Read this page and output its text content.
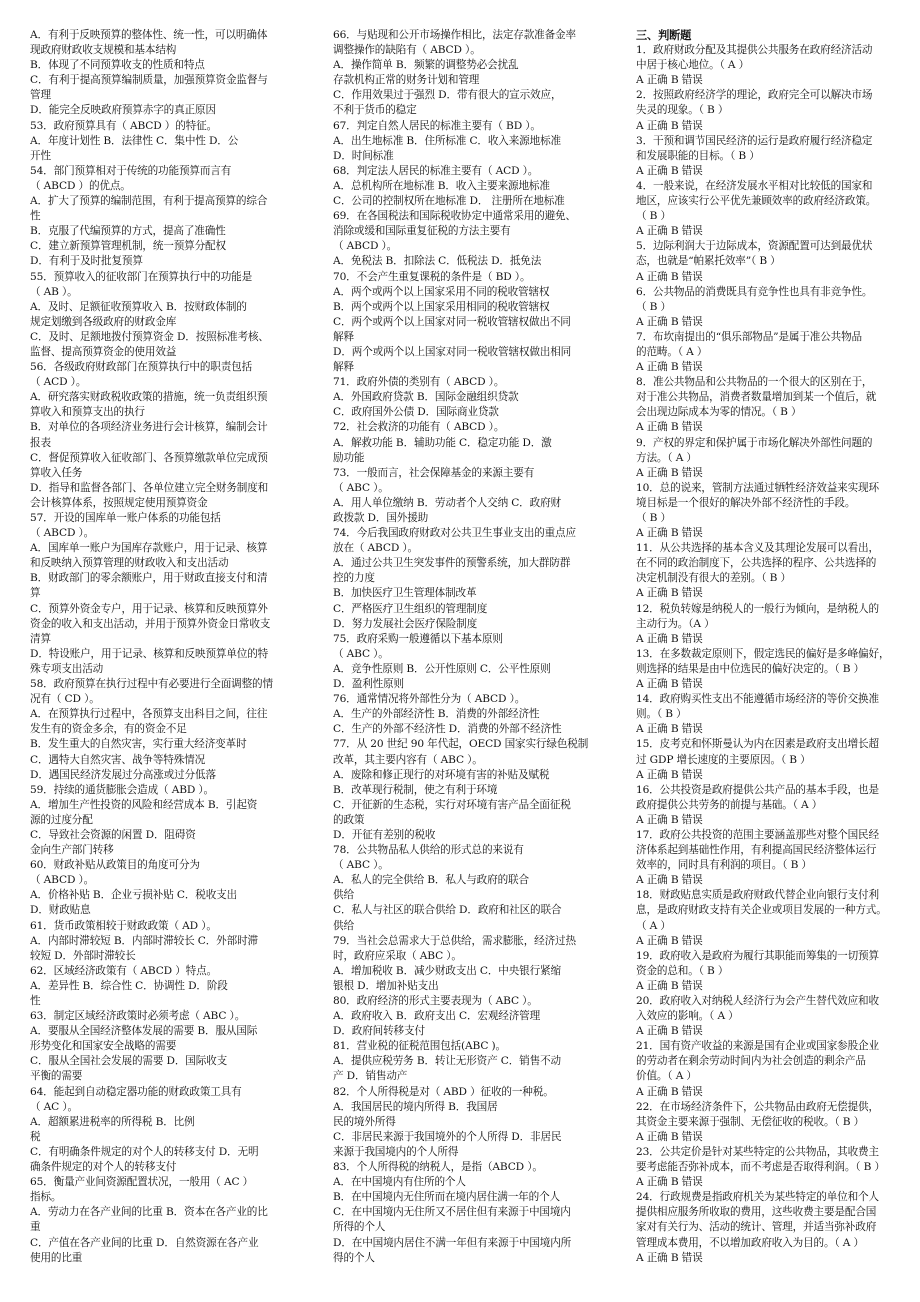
A．有利于反映预算的整体性、统一性，可以明确体
现政府财政收支规模和基本结构
B．体现了不同预算收支的性质和特点
C．有利于提高预算编制质量，加强预算资金监督与
管理
D．能完全反映政府预算赤字的真正原因
53．政府预算具有（ ABCD ）的特征。
A．年度计划性 B．法律性 C．集中性 D．公
开性
54．部门预算相对于传统的功能预算而言有
（ ABCD ）的优点。
A．扩大了预算的编制范围，有利于提高预算的综合
性
B．克服了代编预算的方式，提高了准确性
C．建立新预算管理机制，统一预算分配权
D．有利于及时批复预算
55．预算收入的征收部门在预算执行中的功能是
（ AB ）。
A．及时、足额征收预算收入 B．按财政体制的
规定划缴到各级政府的财政金库
C．及时、足额地拨付预算资金 D．按照标准考核、
监督、提高预算资金的使用效益
56．各级政府财政部门在预算执行中的职责包括
（ ACD ）。
A．研究落实财政税收政策的措施，统一负责组织预
算收入和预算支出的执行
B．对单位的各项经济业务进行会计核算，编制会计
报表
C．督促预算收入征收部门、各预算缴款单位完成预
算收入任务
D．指导和监督各部门、各单位建立完全财务制度和
会计核算体系，按照规定使用预算资金
57．开设的国库单一账户体系的功能包括
（ ABCD ）。
A．国库单一账户为国库存款账户，用于记录、核算
和反映纳入预算管理的财政收入和支出活动
B．财政部门的零余额账户，用于财政直接支付和清
算
C．预算外资金专户，用于记录、核算和反映预算外
资金的收入和支出活动，并用于预算外资金日常收支
清算
D．特设账户，用于记录、核算和反映预算单位的特
殊专项支出活动
58．政府预算在执行过程中有必要进行全面调整的情
况有（ CD ）。
A．在预算执行过程中，各预算支出科目之间，往往
发生有的资金多余，有的资金不足
B．发生重大的自然灾害，实行重大经济变革时
C．遇特大自然灾害、战争等特殊情况
D．遇国民经济发展过分高涨或过分低落
59．持续的通货膨胀会造成（ ABD ）。
A．增加生产性投资的风险和经营成本 B．引起资
源的过度分配
C．导致社会资源的闲置 D．阻碍资
金向生产部门转移
60．财政补贴从政策目的角度可分为
（ ABCD ）。
A．价格补贴 B．企业亏损补贴 C．税收支出
D．财政贴息
61．货币政策相较于财政政策（ AD ）。
A．内部时滞较短 B．内部时滞较长 C．外部时滞
较短 D．外部时滞较长
62．区域经济政策有（ ABCD ）特点。
A．差异性 B．综合性 C．协调性 D．阶段
性
63．制定区域经济政策时必须考虑（ ABC ）。
A．要服从全国经济整体发展的需要 B．服从国际
形势变化和国家安全战略的需要
C．服从全国社会发展的需要 D．国际收支
平衡的需要
64．能起到自动稳定器功能的财政政策工具有
（ AC ）。
A．超额累进税率的所得税 B．比例
税
C．有明确条件规定的对个人的转移支付 D．无明
确条件规定的对个人的转移支付
65．衡量产业间资源配置状况，一般用（ AC ）
指标。
A．劳动力在各产业间的比重 B．资本在各产业的比
重
C．产值在各产业间的比重 D．自然资源在各产业
使用的比重
66．与贴现和公开市场操作相比，法定存款准备金率
调整操作的缺陷有（ ABCD ）。
A．操作简单 B．频繁的调整势必会扰乱
存款机构正常的财务计划和管理
C．作用效果过于强烈 D．带有很大的宣示效应，
不利于货币的稳定
67．判定自然人居民的标准主要有（ BD ）。
A．出生地标准 B．住所标准 C．收入来源地标准
D．时间标准
68．判定法人居民的标准主要有（ ACD ）。
A．总机构所在地标准 B．收入主要来源地标准
C．公司的控制权所在地标准 D． 注册所在地标准
69．在各国税法和国际税收协定中通常采用的避免、
消除或缓和国际重复征税的方法主要有
（ ABCD ）。
A．免税法 B．扣除法 C．低税法 D．抵免法
70．不会产生重复课税的条件是（ BD ）。
A．两个或两个以上国家采用不同的税收管辖权
B．两个或两个以上国家采用相同的税收管辖权
C．两个或两个以上国家对同一税收管辖权做出不同
解释
D．两个或两个以上国家对同一税收管辖权做出相同
解释
71．政府外债的类别有（ ABCD ）。
A．外国政府贷款 B．国际金融组织贷款
C．政府国外公债 D．国际商业贷款
72．社会救济的功能有（ ABCD ）。
A．解救功能 B．辅助功能 C．稳定功能 D．激
励功能
73．一般而言，社会保障基金的来源主要有
（ ABC ）。
A．用人单位缴纳 B．劳动者个人交纳 C．政府财
政拨款 D．国外援助
74．今后我国政府财政对公共卫生事业支出的重点应
放在（ ABCD ）。
A．通过公共卫生突发事件的预警系统，加大群防群
控的力度
B．加快医疗卫生管理体制改革
C．严格医疗卫生组织的管理制度
D．努力发展社会医疗保险制度
75．政府采购一般遵循以下基本原则
（ ABC ）。
A．竞争性原则 B．公开性原则 C．公平性原则
D．盈利性原则
76．通常情况将外部性分为（ ABCD ）。
A．生产的外部经济性 B．消费的外部经济性
C．生产的外部不经济性 D．消费的外部不经济性
77．从 20 世纪 90 年代起，OECD 国家实行绿色税制
改革，其主要内容有（ ABC ）。
A．废除和修正现行的对环境有害的补贴及赋税
B．改革现行税制，使之有利于环境
C．开征新的生态税，实行对环境有害产品全面征税
的政策
D．开征有差别的税收
78．公共物品私人供给的形式总的来说有
（ ABC ）。
A．私人的完全供给 B．私人与政府的联合
供给
C．私人与社区的联合供给 D．政府和社区的联合
供给
79．当社会总需求大于总供给，需求膨胀，经济过热
时，政府应采取（ ABC ）。
A．增加税收 B．减少财政支出 C．中央银行紧缩
银根 D．增加补贴支出
80．政府经济的形式主要表现为（ ABC ）。
A．政府收入 B．政府支出 C．宏观经济管理
D．政府间转移支付
81．营业税的征税范围包括(ABC )。
A．提供应税劳务 B．转让无形资产 C．销售不动
产 D．销售动产
82．个人所得税是对（ ABD ）征收的一种税。
A．我国居民的境内所得 B．我国居
民的境外所得
C．非居民来源于我国境外的个人所得 D．非居民
来源于我国境内的个人所得
83．个人所得税的纳税人，是指（ABCD ）。
A．在中国境内有住所的个人
B．在中国境内无住所而在境内居住满一年的个人
C．在中国境内无住所又不居住但有来源于中国境内
所得的个人
D．在中国境内居住不满一年但有来源于中国境内所
得的个人
三、判断题
1．政府财政分配及其提供公共服务在政府经济活动
中居于核心地位。（ A ）
A 正确 B 错误
2．按照政府经济学的理论，政府完全可以解决市场
失灵的现象。（ B ）
A 正确 B 错误
3．干预和调节国民经济的运行是政府履行经济稳定
和发展职能的目标。（ B ）
A 正确 B 错误
4．一般来说，在经济发展水平相对比较低的国家和
地区，应该实行公平优先兼顾效率的政府经济政策。
（ B ）
A 正确 B 错误
5．边际利润大于边际成本，资源配置可达到最优状
态，也就是“帕累托效率”（ B ）
A 正确 B 错误
6．公共物品的消费既具有竞争性也具有非竞争性。
（ B ）
A 正确 B 错误
7．布坎南提出的“俱乐部物品”是属于准公共物品
的范畴。（ A ）
A 正确 B 错误
8．准公共物品和公共物品的一个很大的区别在于，
对于准公共物品，消费者数量增加到某一个值后，就
会出现边际成本为零的情况。（ B ）
A 正确 B 错误
9．产权的界定和保护属于市场化解决外部性问题的
方法。（ A ）
A 正确 B 错误
10．总的说来，管制方法通过牺牲经济效益来实现环
境目标是一个很好的解决外部不经济性的手段。
（ B ）
A 正确 B 错误
11．从公共选择的基本含义及其理论发展可以看出，
在不同的政治制度下，公共选择的程序、公共选择的
决定机制没有很大的差别。（ B ）
A 正确 B 错误
12．税负转嫁是纳税人的一般行为倾向，是纳税人的
主动行为。（A ）
A 正确 B 错误
13．在多数裁定原则下，假定选民的偏好是多峰偏好，
则选择的结果是由中位选民的偏好决定的。（ B ）
A 正确 B 错误
14．政府购买性支出不能遵循市场经济的等价交换准
则。（ B ）
A 正确 B 错误
15．皮考克和怀斯曼认为内在因素是政府支出增长超
过 GDP 增长速度的主要原因。（ B ）
A 正确 B 错误
16．公共投资是政府提供公共产品的基本手段，也是
政府提供公共劳务的前提与基础。（ A ）
A 正确 B 错误
17．政府公共投资的范围主要涵盖那些对整个国民经
济体系起到基础性作用，有利提高国民经济整体运行
效率的，同时具有利润的项目。（ B ）
A 正确 B 错误
18．财政贴息实质是政府财政代替企业向银行支付利
息，是政府财政支持有关企业或项目发展的一种方式。
（ A ）
A 正确 B 错误
19．政府收入是政府为履行其职能而筹集的一切预算
资金的总和。（ B ）
A 正确 B 错误
20．政府收入对纳税人经济行为会产生替代效应和收
入效应的影响。（ A ）
A 正确 B 错误
21．国有资产收益的来源是国有企业或国家参股企业
的劳动者在剩余劳动时间内为社会创造的剩余产品
价值。（ A ）
A 正确 B 错误
22．在市场经济条件下，公共物品由政府无偿提供，
其资金主要来源于强制、无偿征收的税收。（ B ）
A 正确 B 错误
23．公共定价是针对某些特定的公共物品，其收费主
要考虑能否弥补成本，而不考虑是否取得利润。（ B ）
A 正确 B 错误
24．行政规费是指政府机关为某些特定的单位和个人
提供相应服务所收取的费用，这些收费主要是配合国
家对有关行为、活动的统计、管理，并适当弥补政府
管理成本费用，不以增加政府收入为目的。（ A ）
A 正确 B 错误
